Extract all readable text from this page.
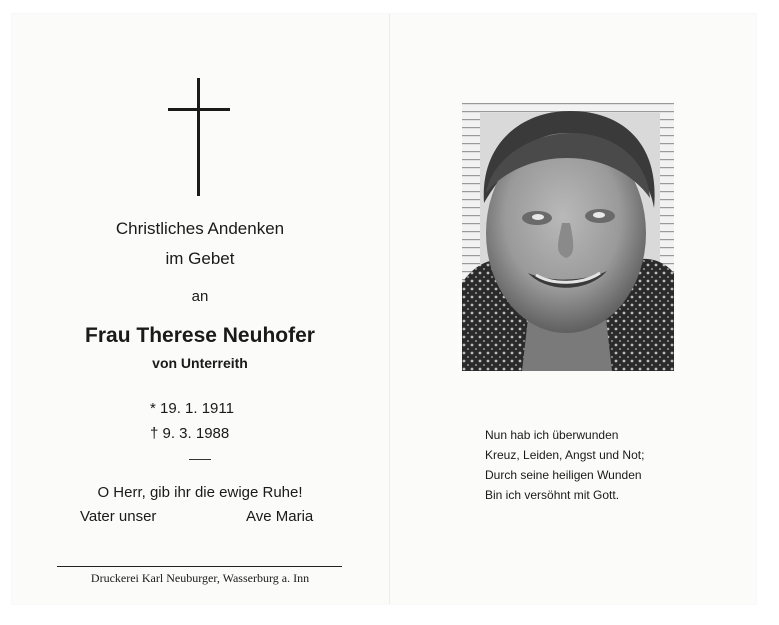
Christliches Andenken
im Gebet
an
Frau Therese Neuhofer
von Unterreith
* 19. 1. 1911
† 9. 3. 1988
O Herr, gib ihr die ewige Ruhe!
Vater unser	Ave Maria
Druckerei Karl Neuburger, Wasserburg a. Inn
Nun hab ich überwunden
Kreuz, Leiden, Angst und Not;
Durch seine heiligen Wunden
Bin ich versöhnt mit Gott.
